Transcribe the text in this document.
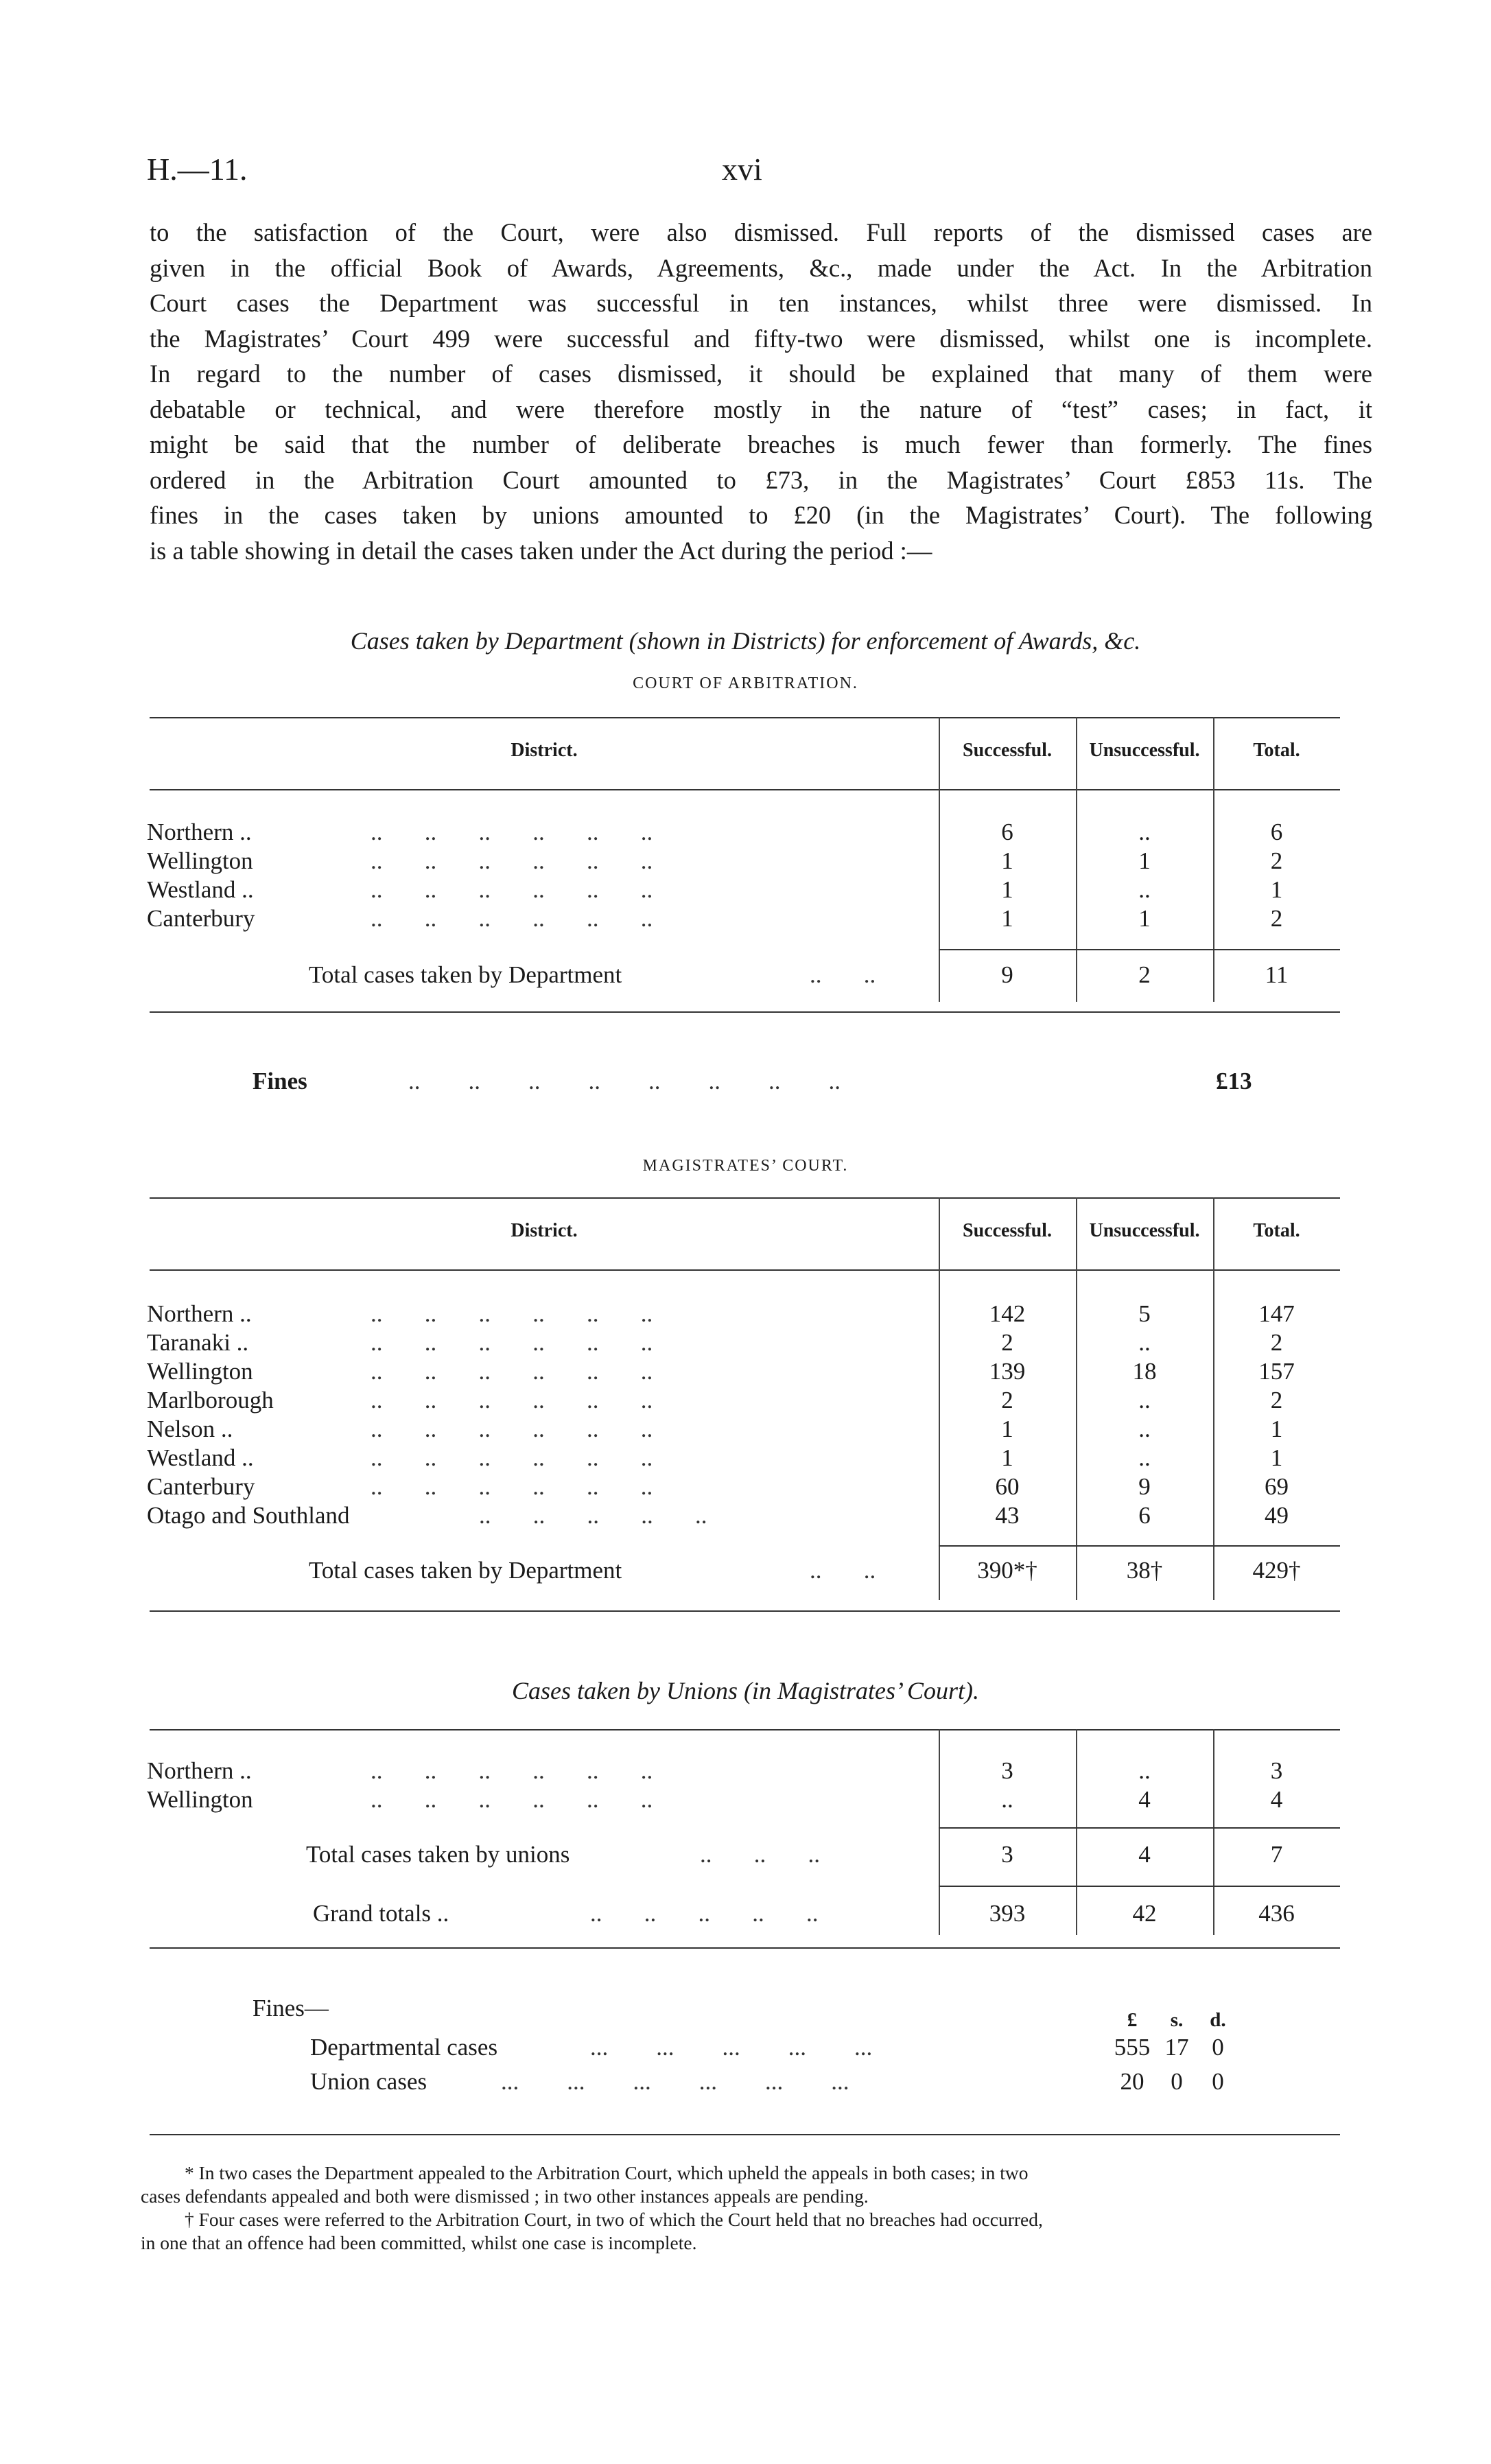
H.—11.	xvi
to the satisfaction of the Court, were also dismissed. Full reports of the dismissed cases are
given in the official Book of Awards, Agreements, &c., made under the Act. In the Arbitration
Court cases the Department was successful in ten instances, whilst three were dismissed. In
the Magistrates’ Court 499 were successful and fifty-two were dismissed, whilst one is incomplete.
In regard to the number of cases dismissed, it should be explained that many of them were
debatable or technical, and were therefore mostly in the nature of “test” cases; in fact, it
might be said that the number of deliberate breaches is much fewer than formerly. The fines
ordered in the Arbitration Court amounted to £73, in the Magistrates’ Court £853 11s. The
fines in the cases taken by unions amounted to £20 (in the Magistrates’ Court). The following
is a table showing in detail the cases taken under the Act during the period :—
Cases taken by Department (shown in Districts) for enforcement of Awards, &c.
COURT OF ARBITRATION.
District.	Successful.	Unsuccessful.	Total.
Northern ..	..       ..       ..       ..       ..       ..	6	..	6
Wellington	..       ..       ..       ..       ..       ..	1	1	2
Westland ..	..       ..       ..       ..       ..       ..	1	..	1
Canterbury	..       ..       ..       ..       ..       ..	1	1	2
Total cases taken by Department	..       ..	9	2	11
Fines	..        ..        ..        ..        ..        ..        ..        ..	£13
MAGISTRATES’ COURT.
District.	Successful.	Unsuccessful.	Total.
Northern ..	..       ..       ..       ..       ..       ..	142	5	147
Taranaki ..	..       ..       ..       ..       ..       ..	2	..	2
Wellington	..       ..       ..       ..       ..       ..	139	18	157
Marlborough	..       ..       ..       ..       ..       ..	2	..	2
Nelson ..	..       ..       ..       ..       ..       ..	1	..	1
Westland ..	..       ..       ..       ..       ..       ..	1	..	1
Canterbury	..       ..       ..       ..       ..       ..	60	9	69
Otago and Southland	..       ..       ..       ..       ..	43	6	49
Total cases taken by Department	..       ..	390*†	38†	429†
Cases taken by Unions (in Magistrates’ Court).
Northern ..	..       ..       ..       ..       ..       ..	3	..	3
Wellington	..       ..       ..       ..       ..       ..	..	4	4
Total cases taken by unions	..       ..       ..	3	4	7
Grand totals ..	..       ..       ..       ..       ..	393	42	436
Fines—	£	s.	d.
Departmental cases	...        ...        ...        ...        ...	555 17 0
Union cases	...        ...        ...        ...        ...        ...	20	0	0
* In two cases the Department appealed to the Arbitration Court, which upheld the appeals in both cases; in two
cases defendants appealed and both were dismissed ; in two other instances appeals are pending.
† Four cases were referred to the Arbitration Court, in two of which the Court held that no breaches had occurred,
in one that an offence had been committed, whilst one case is incomplete.
